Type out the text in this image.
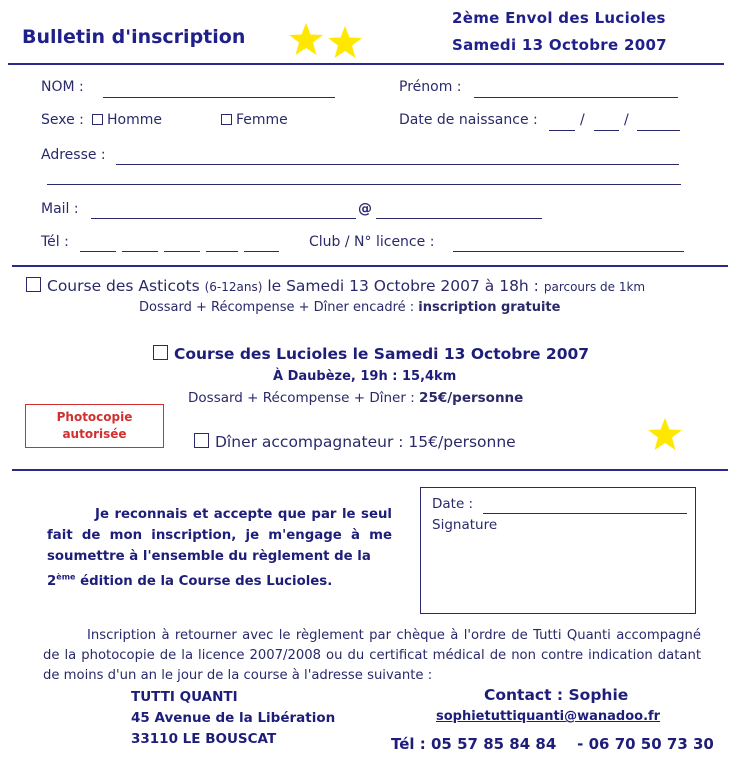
Bulletin d'inscription
2ème Envol des Lucioles
Samedi 13 Octobre 2007
NOM :	Prénom :
Sexe :	Homme	Femme	Date de naissance :	/	/
Adresse :
Mail :	@
Tél :	Club / N° licence :
Course des Asticots (6-12ans) le Samedi 13 Octobre 2007 à 18h : parcours de 1km
Dossard + Récompense + Dîner encadré : inscription gratuite
Course des Lucioles le Samedi 13 Octobre 2007
À Daubèze, 19h : 15,4km
Dossard + Récompense + Dîner : 25€/personne
Photocopie
autorisée	Dîner accompagnateur : 15€/personne
Je reconnais et accepte que par le seul fait de mon inscription, je m'engage à me soumettre à l'ensemble du règlement de la
2ème édition de la Course des Lucioles.
Date :
Signature
Inscription à retourner avec le règlement par chèque à l'ordre de Tutti Quanti accompagné de la photocopie de la licence 2007/2008 ou du certificat médical de non contre indication datant de moins d'un an le jour de la course à l'adresse suivante :
TUTTI QUANTI
45 Avenue de la Libération
33110 LE BOUSCAT
Contact : Sophie
sophietuttiquanti@wanadoo.fr
Tél : 05 57 85 84 84    - 06 70 50 73 30
